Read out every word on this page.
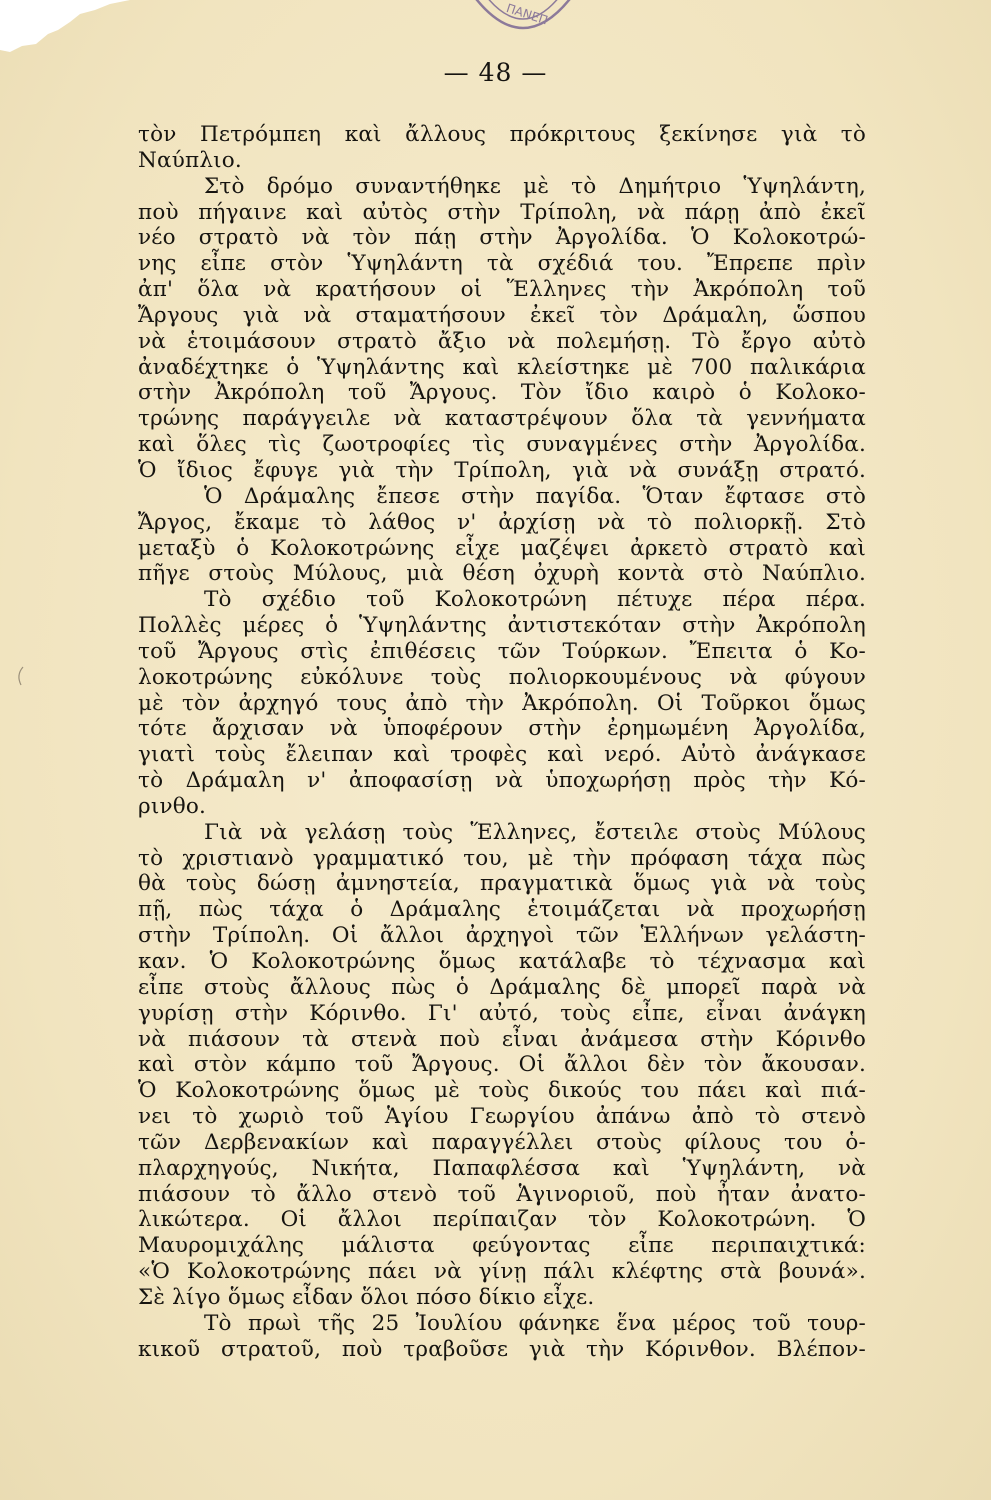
ΠΑΝΕΠ
— 48 —
τὸν Πετρόμπεη καὶ ἄλλους πρόκριτους ξεκίνησε γιὰ τὸ
Ναύπλιο.
Στὸ δρόμο συναντήθηκε μὲ τὸ Δημήτριο Ὑψηλάντη,
ποὺ πήγαινε καὶ αὐτὸς στὴν Τρίπολη, νὰ πάρῃ ἀπὸ ἐκεῖ
νέο στρατὸ νὰ τὸν πάῃ στὴν Ἀργολίδα. Ὁ Κολοκοτρώ-
νης εἶπε στὸν Ὑψηλάντη τὰ σχέδιά του. Ἔπρεπε πρὶν
ἀπ' ὅλα νὰ κρατήσουν οἱ Ἕλληνες τὴν Ἀκρόπολη τοῦ
Ἄργους γιὰ νὰ σταματήσουν ἐκεῖ τὸν Δράμαλη, ὥσπου
νὰ ἑτοιμάσουν στρατὸ ἄξιο νὰ πολεμήσῃ. Τὸ ἔργο αὐτὸ
ἀναδέχτηκε ὁ Ὑψηλάντης καὶ κλείστηκε μὲ 700 παλικάρια
στὴν Ἀκρόπολη τοῦ Ἄργους. Τὸν ἴδιο καιρὸ ὁ Κολοκο-
τρώνης παράγγειλε νὰ καταστρέψουν ὅλα τὰ γεννήματα
καὶ ὅλες τὶς ζωοτροφίες τὶς συναγμένες στὴν Ἀργολίδα.
Ὁ ἴδιος ἔφυγε γιὰ τὴν Τρίπολη, γιὰ νὰ συνάξῃ στρατό.
Ὁ Δράμαλης ἔπεσε στὴν παγίδα. Ὅταν ἔφτασε στὸ
Ἄργος, ἔκαμε τὸ λάθος ν' ἀρχίσῃ νὰ τὸ πολιορκῇ. Στὸ
μεταξὺ ὁ Κολοκοτρώνης εἶχε μαζέψει ἀρκετὸ στρατὸ καὶ
πῆγε στοὺς Μύλους, μιὰ θέση ὀχυρὴ κοντὰ στὸ Ναύπλιο.
Τὸ σχέδιο τοῦ Κολοκοτρώνη πέτυχε πέρα πέρα.
Πολλὲς μέρες ὁ Ὑψηλάντης ἀντιστεκόταν στὴν Ἀκρόπολη
τοῦ Ἄργους στὶς ἐπιθέσεις τῶν Τούρκων. Ἔπειτα ὁ Κο-
λοκοτρώνης εὐκόλυνε τοὺς πολιορκουμένους νὰ φύγουν
μὲ τὸν ἀρχηγό τους ἀπὸ τὴν Ἀκρόπολη. Οἱ Τοῦρκοι ὅμως
τότε ἄρχισαν νὰ ὑποφέρουν στὴν ἐρημωμένη Ἀργολίδα,
γιατὶ τοὺς ἔλειπαν καὶ τροφὲς καὶ νερό. Αὐτὸ ἀνάγκασε
τὸ Δράμαλη ν' ἀποφασίσῃ νὰ ὑποχωρήσῃ πρὸς τὴν Κό-
ρινθο.
Γιὰ νὰ γελάσῃ τοὺς Ἕλληνες, ἔστειλε στοὺς Μύλους
τὸ χριστιανὸ γραμματικό του, μὲ τὴν πρόφαση τάχα πὼς
θὰ τοὺς δώσῃ ἀμνηστεία, πραγματικὰ ὅμως γιὰ νὰ τοὺς
πῇ, πὼς τάχα ὁ Δράμαλης ἑτοιμάζεται νὰ προχωρήσῃ
στὴν Τρίπολη. Οἱ ἄλλοι ἀρχηγοὶ τῶν Ἑλλήνων γελάστη-
καν. Ὁ Κολοκοτρώνης ὅμως κατάλαβε τὸ τέχνασμα καὶ
εἶπε στοὺς ἄλλους πὼς ὁ Δράμαλης δὲ μπορεῖ παρὰ νὰ
γυρίσῃ στὴν Κόρινθο. Γι' αὐτό, τοὺς εἶπε, εἶναι ἀνάγκη
νὰ πιάσουν τὰ στενὰ ποὺ εἶναι ἀνάμεσα στὴν Κόρινθο
καὶ στὸν κάμπο τοῦ Ἄργους. Οἱ ἄλλοι δὲν τὸν ἄκουσαν.
Ὁ Κολοκοτρώνης ὅμως μὲ τοὺς δικούς του πάει καὶ πιά-
νει τὸ χωριὸ τοῦ Ἁγίου Γεωργίου ἀπάνω ἀπὸ τὸ στενὸ
τῶν Δερβενακίων καὶ παραγγέλλει στοὺς φίλους του ὁ-
πλαρχηγούς, Νικήτα, Παπαφλέσσα καὶ Ὑψηλάντη, νὰ
πιάσουν τὸ ἄλλο στενὸ τοῦ Ἁγινοριοῦ, ποὺ ἦταν ἀνατο-
λικώτερα. Οἱ ἄλλοι περίπαιζαν τὸν Κολοκοτρώνη. Ὁ
Μαυρομιχάλης μάλιστα φεύγοντας εἶπε περιπαιχτικά:
«Ὁ Κολοκοτρώνης πάει νὰ γίνῃ πάλι κλέφτης στὰ βουνά».
Σὲ λίγο ὅμως εἶδαν ὅλοι πόσο δίκιο εἶχε.
Τὸ πρωὶ τῆς 25 Ἰουλίου φάνηκε ἕνα μέρος τοῦ τουρ-
κικοῦ στρατοῦ, ποὺ τραβοῦσε γιὰ τὴν Κόρινθον. Βλέπον-
